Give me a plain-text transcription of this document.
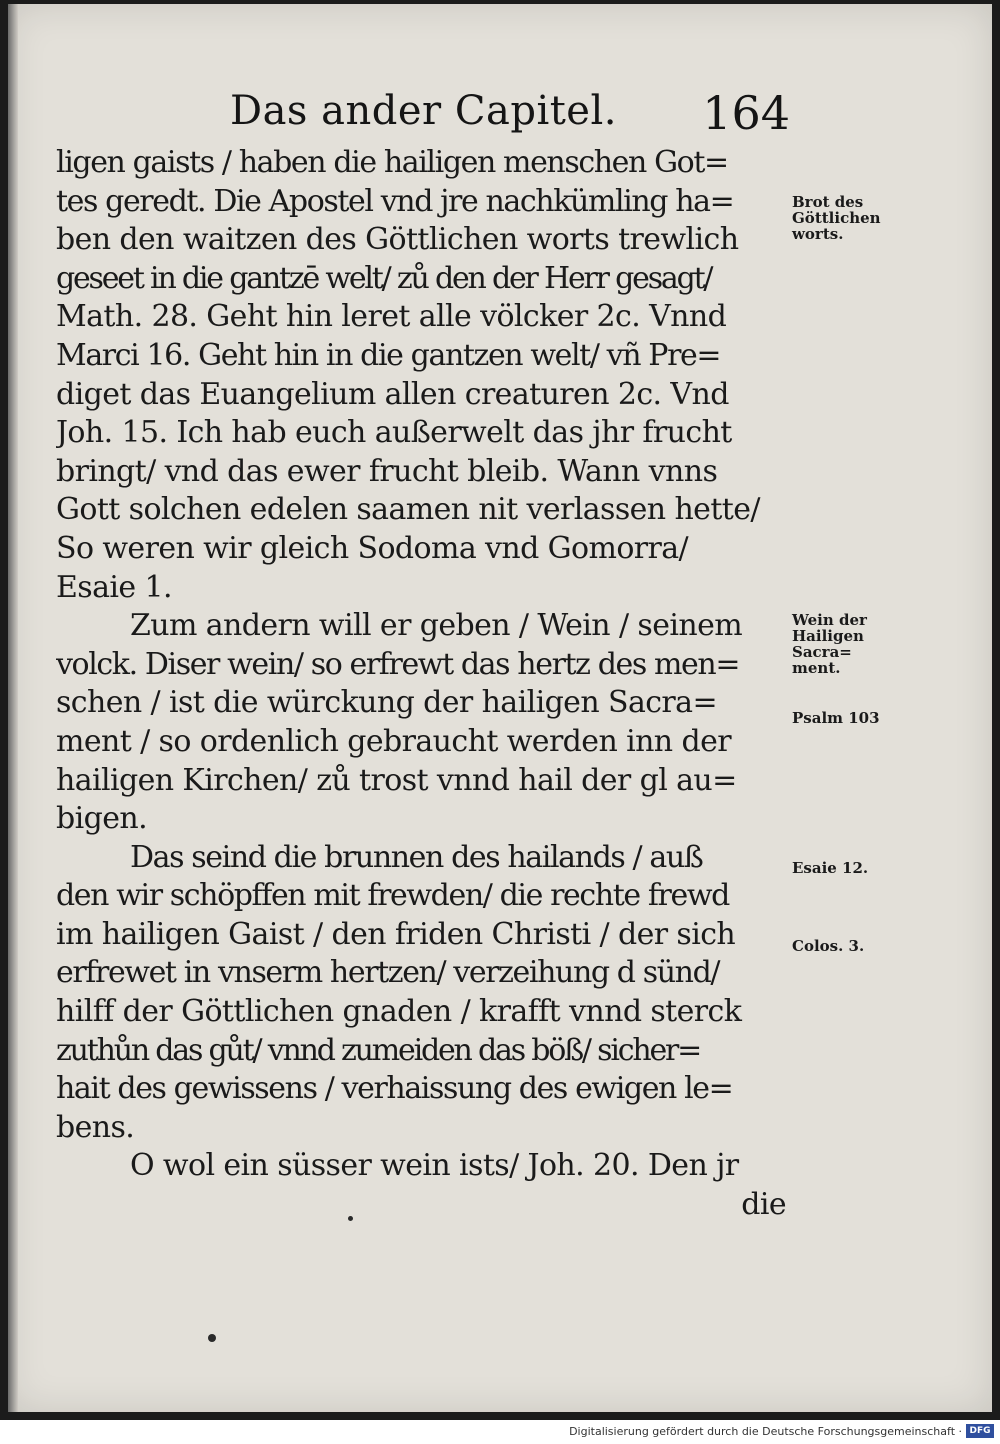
Das ander Capitel. 164
ligen gaists / haben die hailigen menschen Got=
tes geredt. Die Apostel vnd jre nachkümling ha=
ben den waitzen des Göttlichen worts trewlich
geseet in die gantzē welt/ zů den der Herr gesagt/
Math. 28. Geht hin leret alle völcker 2c. Vnnd
Marci 16. Geht hin in die gantzen welt/ vñ Pre=
diget das Euangelium allen creaturen 2c. Vnd
Joh. 15. Ich hab euch außerwelt das jhr frucht
bringt/ vnd das ewer frucht bleib. Wann vnns
Gott solchen edelen saamen nit verlassen hette/
So weren wir gleich Sodoma vnd Gomorra/
Esaie 1.
Zum andern will er geben / Wein / seinem
volck. Diser wein/ so erfrewt das hertz des men=
schen / ist die würckung der hailigen Sacra=
ment / so ordenlich gebraucht werden inn der
hailigen Kirchen/ zů trost vnnd hail der gl au=
bigen.
Das seind die brunnen des hailands / auß
den wir schöpffen mit frewden/ die rechte frewd
im hailigen Gaist / den friden Christi / der sich
erfrewet in vnserm hertzen/ verzeihung d sünd/
hilff der Göttlichen gnaden / krafft vnnd sterck
zuthůn das gůt/ vnnd zumeiden das böß/ sicher=
hait des gewissens / verhaissung des ewigen le=
bens.
O wol ein süsser wein ists/ Joh. 20. Den jr
die
Brot des
Göttlichen
worts.
Wein der
Hailigen
Sacra=
ment.
Psalm 103
Esaie 12.
Colos. 3.
Digitalisierung gefördert durch die Deutsche Forschungsgemeinschaft · DFG
